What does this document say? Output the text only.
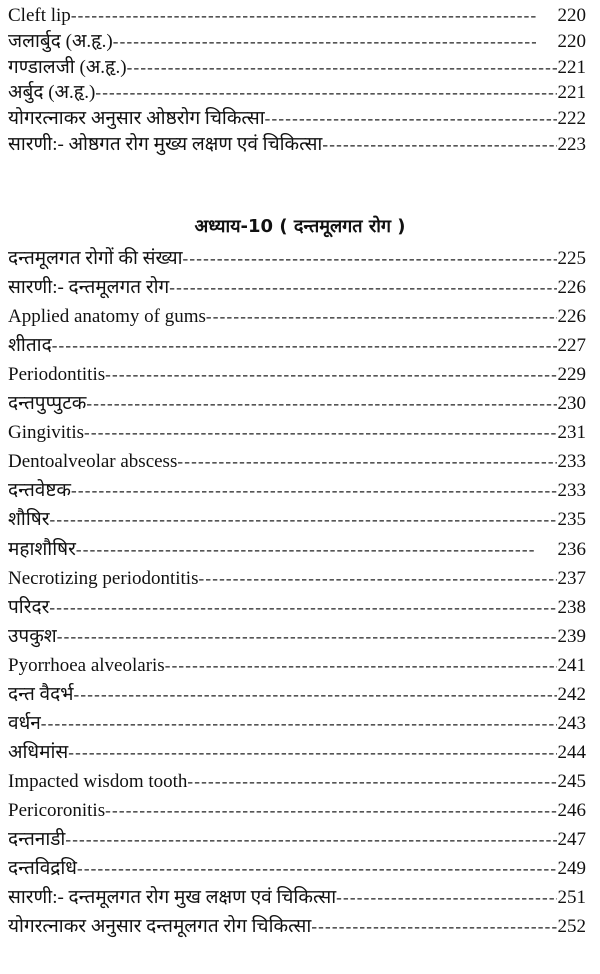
Cleft lip -----	220
जलार्बुद (अ.हृ.) -----	220
गण्डालजी (अ.हृ.) -----	221
अर्बुद (अ.हृ.) -----	221
योगरत्नाकर अनुसार ओष्ठरोग चिकित्सा -----	222
सारणी:- ओष्ठगत रोग मुख्य लक्षण एवं चिकित्सा -----	223
अध्याय-10 ( दन्तमूलगत रोग )
दन्तमूलगत रोगों की संख्या -----	225
सारणी:- दन्तमूलगत रोग -----	226
Applied anatomy of gums -----	226
शीताद -----	227
Periodontitis -----	229
दन्तपुप्पुटक -----	230
Gingivitis -----	231
Dentoalveolar abscess -----	233
दन्तवेष्टक -----	233
शौषिर -----	235
महाशौषिर -----	236
Necrotizing periodontitis -----	237
परिदर -----	238
उपकुश -----	239
Pyorrhoea alveolaris -----	241
दन्त वैदर्भ -----	242
वर्धन -----	243
अधिमांस -----	244
Impacted wisdom tooth -----	245
Pericoronitis -----	246
दन्तनाडी -----	247
दन्तविद्रधि -----	249
सारणी:- दन्तमूलगत रोग मुख लक्षण एवं चिकित्सा -----	251
योगरत्नाकर अनुसार दन्तमूलगत रोग चिकित्सा -----	252
